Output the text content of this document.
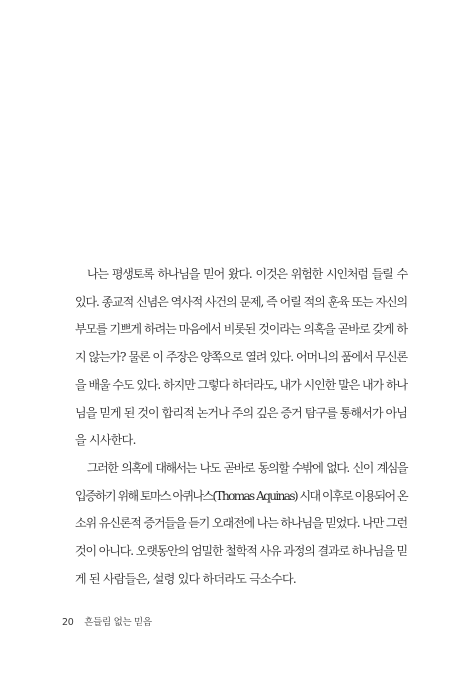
나는 평생토록 하나님을 믿어 왔다. 이것은 위험한 시인처럼 들릴 수
있다. 종교적 신념은 역사적 사건의 문제, 즉 어릴 적의 훈육 또는 자신의
부모를 기쁘게 하려는 마음에서 비롯된 것이라는 의혹을 곧바로 갖게 하
지 않는가? 물론 이 주장은 양쪽으로 열려 있다. 어머니의 품에서 무신론
을 배울 수도 있다. 하지만 그렇다 하더라도, 내가 시인한 말은 내가 하나
님을 믿게 된 것이 합리적 논거나 주의 깊은 증거 탐구를 통해서가 아님
을 시사한다.
그러한 의혹에 대해서는 나도 곧바로 동의할 수밖에 없다. 신이 계심을
입증하기 위해 토마스 아퀴나스(Thomas Aquinas) 시대 이후로 이용되어 온
소위 유신론적 증거들을 듣기 오래전에 나는 하나님을 믿었다. 나만 그런
것이 아니다. 오랫동안의 엄밀한 철학적 사유 과정의 결과로 하나님을 믿
게 된 사람들은, 설령 있다 하더라도 극소수다.
20 흔들림 없는 믿음
